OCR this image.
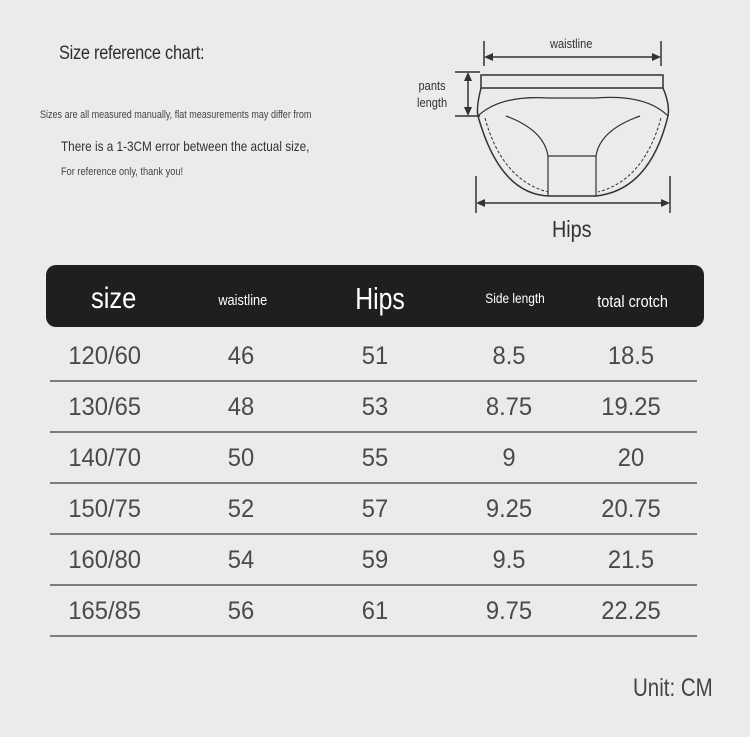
Size reference chart:
Sizes are all measured manually, flat measurements may differ from
There is a 1-3CM error between the actual size,
For reference only, thank you!
waistline
pants
length
Hips
size	waistline	Hips	Side length	total crotch
120/60	46	51	8.5	18.5
130/65	48	53	8.75	19.25
140/70	50	55	9	20
150/75	52	57	9.25	20.75
160/80	54	59	9.5	21.5
165/85	56	61	9.75	22.25
Unit: CM
